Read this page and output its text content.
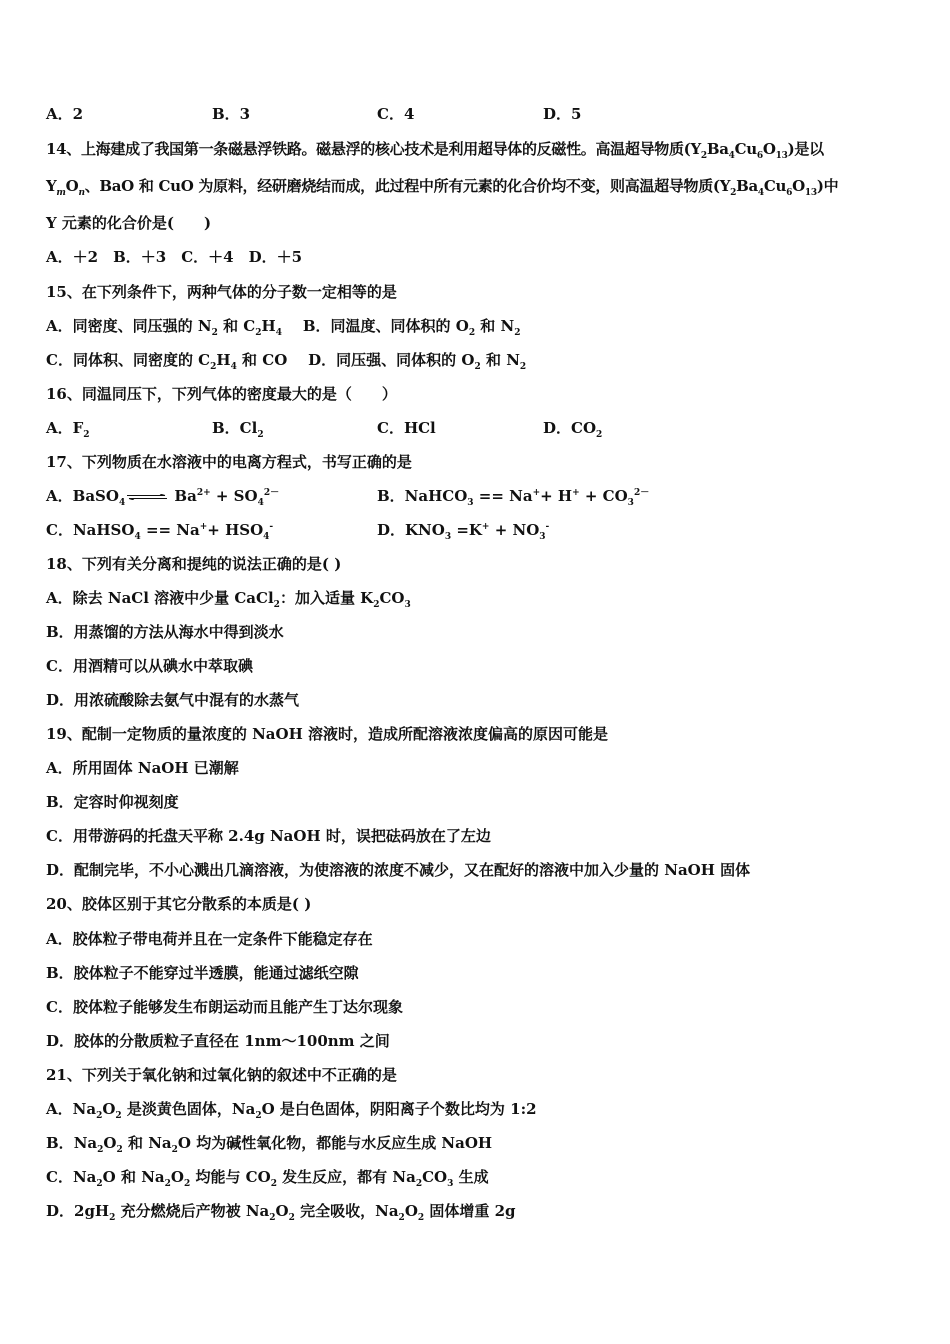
A．2	B．3	C．4	D．5
14、上海建成了我国第一条磁悬浮铁路。磁悬浮的核心技术是利用超导体的反磁性。高温超导物质$(Y_2Ba_4Cu_6O_{13})$是以
$Y_mO_n$、BaO 和 CuO 为原料，经研磨烧结而成，此过程中所有元素的化合价均不变，则高温超导物质$(Y_2Ba_4Cu_6O_{13})$中
Y 元素的化合价是(　　)
A．＋2　B．＋3　C．＋4　D．＋5
15、在下列条件下，两种气体的分子数一定相等的是
A．同密度、同压强的 $N_2$ 和 $C_2H_4$ B．同温度、同体积的 $O_2$ 和 $N_2$
C．同体积、同密度的 $C_2H_4$ 和 CO D．同压强、同体积的 $O_2$ 和 $N_2$
16、同温同压下，下列气体的密度最大的是（　　）
A．$F_2$	B．$Cl_2$	C．HCl	D．$CO_2$
17、下列物质在水溶液中的电离方程式，书写正确的是
A．BaSO$_4$ ⇌ $Ba^{2+} + SO_4^{2-}$	B．NaHCO$_3$ == $Na^++ H^+ + CO_3^{2-}$
C．NaHSO$_4$ == $Na^++ HSO_4^-$	D．$KNO_3 =K^+ + NO_3^-$
18、下列有关分离和提纯的说法正确的是( )
A．除去 NaCl 溶液中少量 CaCl$_2$：加入适量 $K_2CO_3$
B．用蒸馏的方法从海水中得到淡水
C．用酒精可以从碘水中萃取碘
D．用浓硫酸除去氨气中混有的水蒸气
19、配制一定物质的量浓度的 NaOH 溶液时，造成所配溶液浓度偏高的原因可能是
A．所用固体 NaOH 已潮解
B．定容时仰视刻度
C．用带游码的托盘天平称 2.4g NaOH 时，误把砝码放在了左边
D．配制完毕，不小心溅出几滴溶液，为使溶液的浓度不减少，又在配好的溶液中加入少量的 NaOH 固体
20、胶体区别于其它分散系的本质是( )
A．胶体粒子带电荷并且在一定条件下能稳定存在
B．胶体粒子不能穿过半透膜，能通过滤纸空隙
C．胶体粒子能够发生布朗运动而且能产生丁达尔现象
D．胶体的分散质粒子直径在 1nm～100nm 之间
21、下列关于氧化钠和过氧化钠的叙述中不正确的是
A．$Na_2O_2$ 是淡黄色固体，$Na_2O$ 是白色固体，阴阳离子个数比均为 1:2
B．$Na_2O_2$ 和 $Na_2O$ 均为碱性氧化物，都能与水反应生成 NaOH
C．$Na_2O$ 和 $Na_2O_2$ 均能与 $CO_2$ 发生反应，都有 $Na_2CO_3$ 生成
D．$2gH_2$ 充分燃烧后产物被 $Na_2O_2$ 完全吸收，$Na_2O_2$ 固体增重 2g
